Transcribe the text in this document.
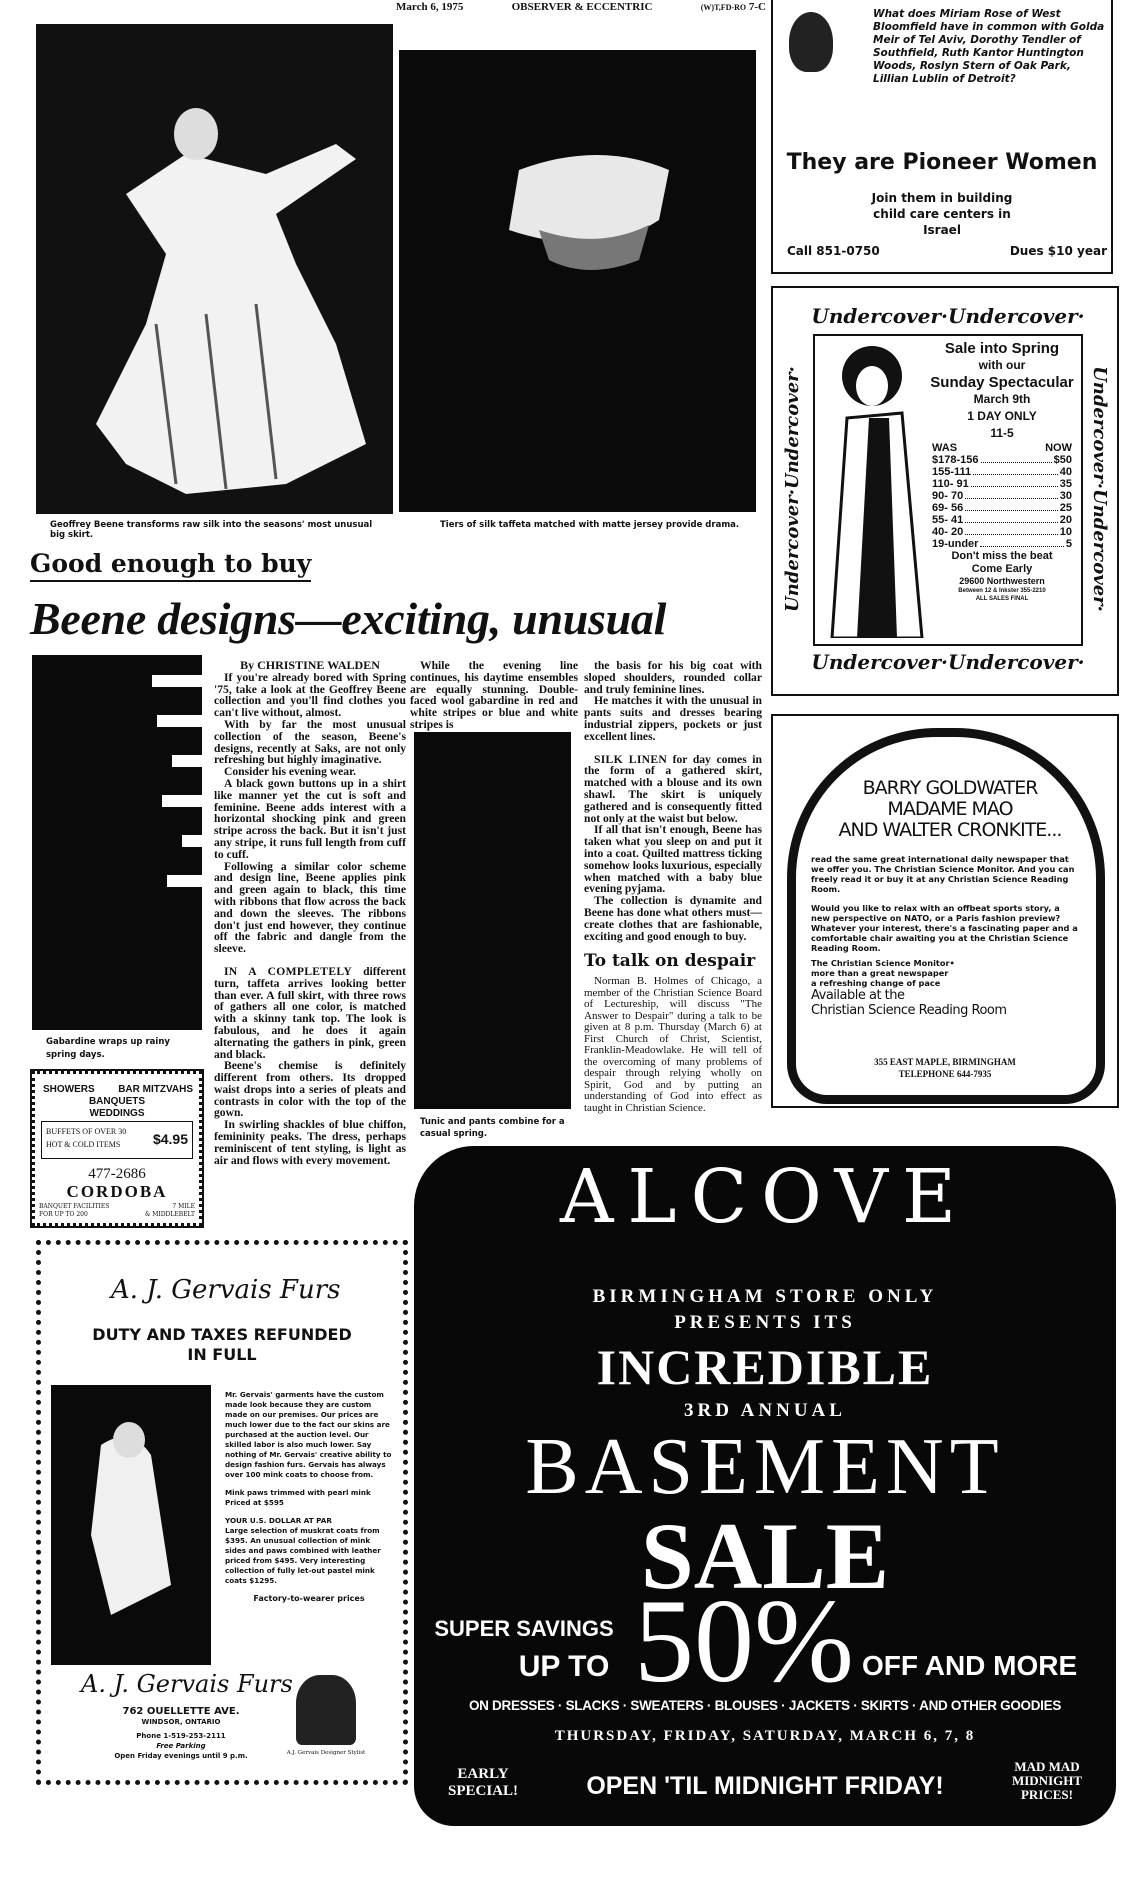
March 6, 1975	OBSERVER & ECCENTRIC	(W)T,FD-RO 7-C
Geoffrey Beene transforms raw silk into the seasons' most unusual big skirt.
Tiers of silk taffeta matched with matte jersey provide drama.
What does Miriam Rose of West Bloomfield have in common with Golda Meir of Tel Aviv, Dorothy Tendler of Southfield, Ruth Kantor Huntington Woods, Roslyn Stern of Oak Park, Lillian Lublin of Detroit?
They are Pioneer Women
Join them in building child care centers in Israel
Call 851-0750	Dues $10 year
Undercover·Undercover·
Undercover·Undercover·
Undercover·Undercover·	Undercover·Undercover·
Sale into Spring
with our
Sunday Spectacular
March 9th
1 DAY ONLY
11-5
WAS	NOW
$178-156	$50
155-111	40
110- 91	35
90- 70	30
69- 56	25
55- 41	20
40- 20	10
19-under	5
Don't miss the beat
Come Early
29600 Northwestern
Between 12 & Inkster 355-2210
ALL SALES FINAL
Good enough to buy
Beene designs—exciting, unusual
Gabardine wraps up rainy spring days.
By CHRISTINE WALDEN

If you're already bored with Spring '75, take a look at the Geoffrey Beene collection and you'll find clothes you can't live without, almost.

With by far the most unusual collection of the season, Beene's designs, recently at Saks, are not only refreshing but highly imaginative.

Consider his evening wear.

A black gown buttons up in a shirt like manner yet the cut is soft and feminine. Beene adds interest with a horizontal shocking pink and green stripe across the back. But it isn't just any stripe, it runs full length from cuff to cuff.

Following a similar color scheme and design line, Beene applies pink and green again to black, this time with ribbons that flow across the back and down the sleeves. The ribbons don't just end however, they continue off the fabric and dangle from the sleeve.

IN A COMPLETELY different turn, taffeta arrives looking better than ever. A full skirt, with three rows of gathers all one color, is matched with a skinny tank top. The look is fabulous, and he does it again alternating the gathers in pink, green and black.

Beene's chemise is definitely different from others. Its dropped waist drops into a series of pleats and contrasts in color with the top of the gown.

In swirling shackles of blue chiffon, femininity peaks. The dress, perhaps reminiscent of tent styling, is light as air and flows with every movement.

While the evening line continues, his daytime ensembles are equally stunning. Double-faced wool gabardine in red and white stripes or blue and white stripes is

Tunic and pants combine for a casual spring.

the basis for his big coat with sloped shoulders, rounded collar and truly feminine lines.

He matches it with the unusual in pants suits and dresses bearing industrial zippers, pockets or just excellent lines.

SILK LINEN for day comes in the form of a gathered skirt, matched with a blouse and its own shawl. The skirt is uniquely gathered and is consequently fitted not only at the waist but below.

If all that isn't enough, Beene has taken what you sleep on and put it into a coat. Quilted mattress ticking somehow looks luxurious, especially when matched with a baby blue evening pyjama.

The collection is dynamite and Beene has done what others must—create clothes that are fashionable, exciting and good enough to buy.

To talk on despair

Norman B. Holmes of Chicago, a member of the Christian Science Board of Lectureship, will discuss "The Answer to Despair" during a talk to be given at 8 p.m. Thursday (March 6) at First Church of Christ, Scientist, Franklin-Meadowlake. He will tell of the overcoming of many problems of despair through relying wholly on Spirit, God and by putting an understanding of God into effect as taught in Christian Science.

BARRY GOLDWATER
MADAME MAO
AND WALTER CRONKITE...

read the same great international daily newspaper that we offer you. The Christian Science Monitor. And you can freely read it or buy it at any Christian Science Reading Room.

Would you like to relax with an offbeat sports story, a new perspective on NATO, or a Paris fashion preview? Whatever your interest, there's a fascinating paper and a comfortable chair awaiting you at the Christian Science Reading Room.

The Christian Science Monitor•

more than a great newspaper

a refreshing change of pace

Available at the

Christian Science Reading Room

355 EAST MAPLE, BIRMINGHAM
TELEPHONE 644-7935
SHOWERS BAR MITZVAHS
BANQUETS
WEDDINGS
BUFFETS OF OVER 30
HOT & COLD ITEMS $4.95
477-2686
CORDOBA
BANQUET FACILITIES
FOR UP TO 200
7 MILE
& MIDDLEBELT
A. J. Gervais Furs
DUTY AND TAXES REFUNDED
IN FULL

Mr. Gervais' garments have the custom made look because they are custom made on our premises. Our prices are much lower due to the fact our skins are purchased at the auction level. Our skilled labor is also much lower. Say nothing of Mr. Gervais' creative ability to design fashion furs. Gervais has always over 100 mink coats to choose from.

Mink paws trimmed with pearl mink Priced at $595

YOUR U.S. DOLLAR AT PAR

Large selection of muskrat coats from $395. An unusual collection of mink sides and paws combined with leather priced from $495. Very interesting collection of fully let-out pastel mink coats $1295.

Factory-to-wearer prices

A. J. Gervais Furs
762 OUELLETTE AVE.
WINDSOR, ONTARIO
Phone 1-519-253-2111
Free Parking
Open Friday evenings until 9 p.m.	A.J. Gervais Designer Stylist
ALCOVE
BIRMINGHAM STORE ONLY
PRESENTS ITS
INCREDIBLE
3RD ANNUAL
BASEMENT
SALE
SUPER SAVINGS
UP TO 50% OFF AND MORE
ON DRESSES · SLACKS · SWEATERS · BLOUSES · JACKETS · SKIRTS · AND OTHER GOODIES
THURSDAY, FRIDAY, SATURDAY, MARCH 6, 7, 8
EARLY SPECIAL!	OPEN 'TIL MIDNIGHT FRIDAY!
MAD MAD MIDNIGHT PRICES!
